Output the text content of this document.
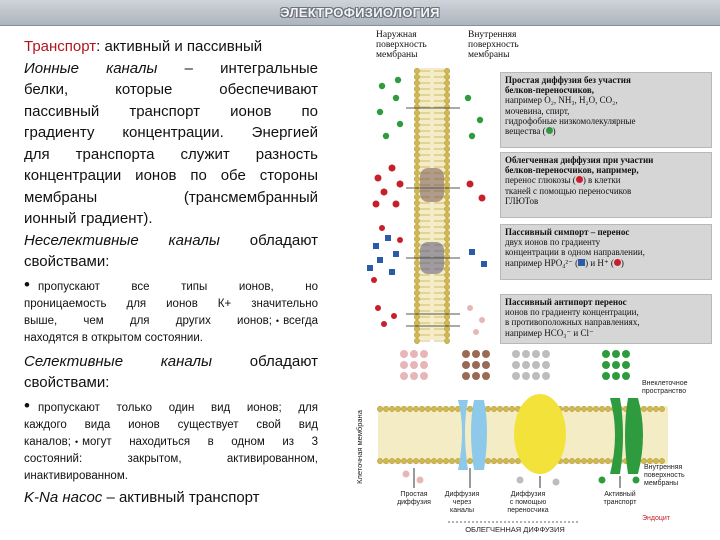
ЭЛЕКТРОФИЗИОЛОГИЯ

Транспорт: активный и пассивный

Ионные каналы – интегральные

белки, которые обеспечивают

пассивный транспорт ионов по

градиенту концентрации. Энергией

для транспорта служит разность

концентрации ионов по обе стороны

мембраны (трансмембранный

ионный градиент).

Неселективные каналы обладают

свойствами:

• пропускают все типы ионов, но

проницаемость для ионов К+ значительно

выше, чем для других ионов; • всегда

находятся в открытом состоянии.

Селективные каналы	обладают

свойствами:

• пропускают только один вид ионов; для

каждого вида ионов существует свой вид

каналов; • могут находиться в одном из 3

состояний: закрытом, активированном,

инактивированном.

K-Na насос – активный транспорт

Наружная
поверхность
мембраны
Внутренняя
поверхность
мембраны
Простая диффузия без участия
белков-переносчиков,
например O₂, NH₃, H₂O, CO₂,
мочевина, спирт,
гидрофобные низкомолекулярные
вещества ( )
Облегченная диффузия при участии
белков-переносчиков, например,
перенос глюкозы ( ) в клетки
тканей с помощью переносчиков
ГЛЮТов
Пассивный симпорт – перенос
двух ионов по градиенту
концентрации в одном направлении,
например HPO₄²⁻ ( ) и H⁺ ( )
Пассивный антипорт перенос
ионов по градиенту концентрации,
в противоположных направлениях,
например HCO₃⁻ и Cl⁻
Внеклеточное
пространство
Внутренняя
поверхность
мембраны
Клеточная мембрана
Простая
диффузия
Диффузия
через
каналы
Диффузия
с помощью
переносчика
Активный
транспорт
Эндоцит
ОБЛЕГЧЕННАЯ ДИФФУЗИЯ
